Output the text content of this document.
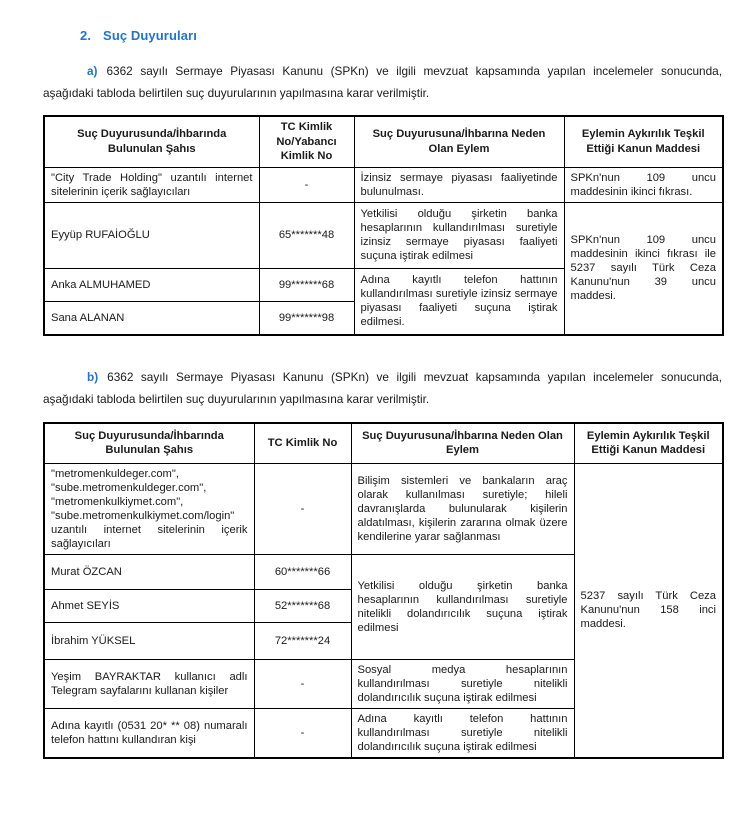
2. Suç Duyuruları

a) 6362 sayılı Sermaye Piyasası Kanunu (SPKn) ve ilgili mevzuat kapsamında yapılan incelemeler sonucunda, aşağıdaki tabloda belirtilen suç duyurularının yapılmasına karar verilmiştir.

Suç Duyurusunda/İhbarında Bulunulan Şahıs	TC Kimlik No/Yabancı Kimlik No	Suç Duyurusuna/İhbarına Neden Olan Eylem	Eylemin Aykırılık Teşkil Ettiği Kanun Maddesi
"City Trade Holding" uzantılı internet sitelerinin içerik sağlayıcıları	-	İzinsiz sermaye piyasası faaliyetinde bulunulması.	SPKn'nun 109 uncu maddesinin ikinci fıkrası.
Eyyüp RUFAİOĞLU	65*******48	Yetkilisi olduğu şirketin banka hesaplarının kullandırılması suretiyle izinsiz sermaye piyasası faaliyeti suçuna iştirak edilmesi	SPKn'nun 109 uncu maddesinin ikinci fıkrası ile 5237 sayılı Türk Ceza Kanunu'nun 39 uncu maddesi.
Anka ALMUHAMED	99*******68	Adına kayıtlı telefon hattının kullandırılması suretiyle izinsiz sermaye piyasası faaliyeti suçuna iştirak edilmesi.	
Sana ALANAN	99*******98		

b) 6362 sayılı Sermaye Piyasası Kanunu (SPKn) ve ilgili mevzuat kapsamında yapılan incelemeler sonucunda, aşağıdaki tabloda belirtilen suç duyurularının yapılmasına karar verilmiştir.

Suç Duyurusunda/İhbarında Bulunulan Şahıs	TC Kimlik No	Suç Duyurusuna/İhbarına Neden Olan Eylem	Eylemin Aykırılık Teşkil Ettiği Kanun Maddesi
"metromenkuldeger.com", "sube.metromenkuldeger.com", "metromenkulkiymet.com", "sube.metromenkulkiymet.com/login" uzantılı internet sitelerinin içerik sağlayıcıları	-	Bilişim sistemleri ve bankaların araç olarak kullanılması suretiyle; hileli davranışlarda bulunularak kişilerin aldatılması, kişilerin zararına olmak üzere kendilerine yarar sağlanması	5237 sayılı Türk Ceza Kanunu'nun 158 inci maddesi.
Murat ÖZCAN	60*******66	Yetkilisi olduğu şirketin banka hesaplarının kullandırılması suretiyle nitelikli dolandırıcılık suçuna iştirak edilmesi	
Ahmet SEYİS	52*******68		
İbrahim YÜKSEL	72*******24		
Yeşim BAYRAKTAR kullanıcı adlı Telegram sayfalarını kullanan kişiler	-	Sosyal medya hesaplarının kullandırılması suretiyle nitelikli dolandırıcılık suçuna iştirak edilmesi	
Adına kayıtlı (0531 20* ** 08) numaralı telefon hattını kullandıran kişi	-	Adına kayıtlı telefon hattının kullandırılması suretiyle nitelikli dolandırıcılık suçuna iştirak edilmesi	
